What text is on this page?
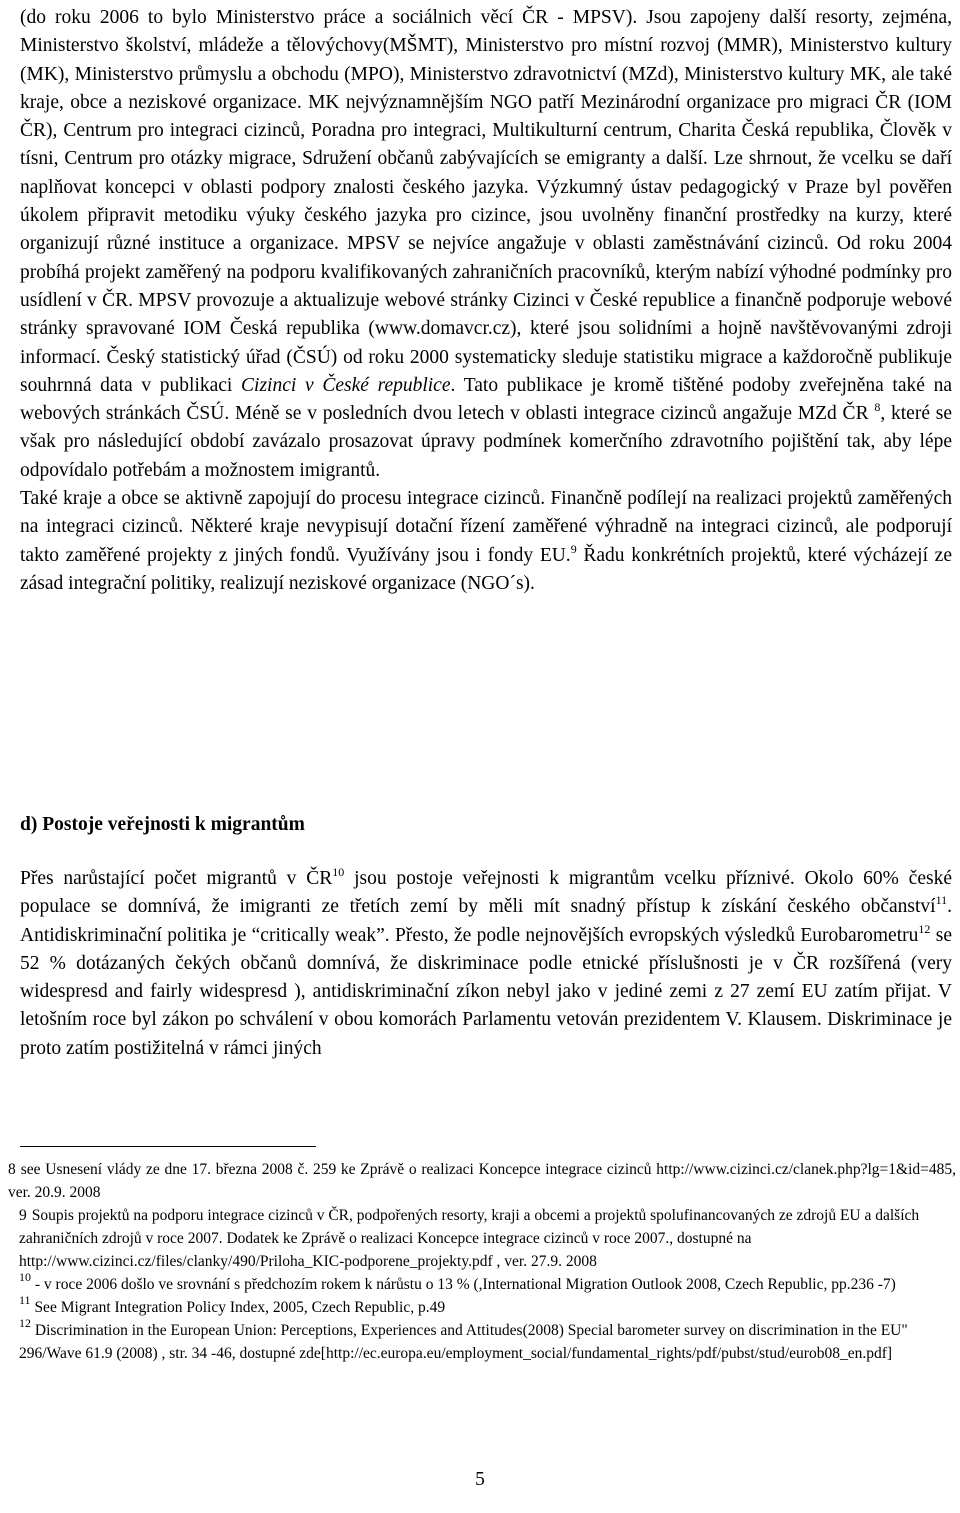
(do roku 2006 to bylo Ministerstvo práce a sociálnich věcí ČR - MPSV). Jsou zapojeny další resorty, zejména, Ministerstvo školství, mládeže a tělovýchovy(MŠMT), Ministerstvo pro místní rozvoj (MMR), Ministerstvo kultury (MK), Ministerstvo průmyslu a obchodu (MPO), Ministerstvo zdravotnictví (MZd), Ministerstvo kultury MK, ale také kraje, obce a neziskové organizace. MK nejvýznamnějším NGO patří Mezinárodní organizace pro migraci ČR (IOM ČR), Centrum pro integraci cizinců, Poradna pro integraci, Multikulturní centrum, Charita Česká republika, Člověk v tísni, Centrum pro otázky migrace, Sdružení občanů zabývajících se emigranty a další. Lze shrnout, že vcelku se daří naplňovat koncepci v oblasti podpory znalosti českého jazyka. Výzkumný ústav pedagogický v Praze byl pověřen úkolem připravit metodiku výuky českého jazyka pro cizince, jsou uvolněny finanční prostředky na kurzy, které organizují různé instituce a organizace. MPSV se nejvíce angažuje v oblasti zaměstnávání cizinců. Od roku 2004 probíhá projekt zaměřený na podporu kvalifikovaných zahraničních pracovníků, kterým nabízí výhodné podmínky pro usídlení v ČR. MPSV provozuje a aktualizuje webové stránky Cizinci v České republice a finančně podporuje webové stránky spravované IOM Česká republika (www.domavcr.cz), které jsou solidními a hojně navštěvovanými zdroji informací. Český statistický úřad (ČSÚ) od roku 2000 systematicky sleduje statistiku migrace a každoročně publikuje souhrnná data v publikaci Cizinci v České republice. Tato publikace je kromě tištěné podoby zveřejněna také na webových stránkách ČSÚ. Méně se v posledních dvou letech v oblasti integrace cizinců angažuje MZd ČR $^8$, které se však pro následující období zavázalo prosazovat úpravy podmínek komerčního zdravotního pojištění tak, aby lépe odpovídalo potřebám a možnostem imigrantů.

Také kraje a obce se aktivně zapojují do procesu integrace cizinců. Finančně podílejí na realizaci projektů zaměřených na integraci cizinců. Některé kraje nevypisují dotační řízení zaměřené výhradně na integraci cizinců, ale podporují takto zaměřené projekty z jiných fondů. Využívány jsou i fondy EU.$^9$ Řadu konkrétních projektů, které výcházejí ze zásad integrační politiky, realizují neziskové organizace (NGO´s).

d) Postoje veřejnosti k migrantům

Přes narůstající počet migrantů v ČR$^{10}$ jsou postoje veřejnosti k migrantům vcelku příznivé. Okolo 60% české populace se domnívá, že imigranti ze třetích zemí by měli mít snadný přístup k získání českého občanství$^{11}$. Antidiskriminační politika je “critically weak”. Přesto, že podle nejnovějších evropských výsledků Eurobarometru$^{12}$ se 52 % dotázaných čekých občanů domnívá, že diskriminace podle etnické příslušnosti je v ČR rozšířená (very widespresd and fairly widespresd ), antidiskriminační zíkon nebyl jako v jediné zemi z 27 zemí EU zatím přijat. V letošním roce byl zákon po schválení v obou komorách Parlamentu vetován prezidentem V. Klausem. Diskriminace je proto zatím postižitelná v rámci jiných

8 see Usnesení vlády ze dne 17. března 2008 č. 259 ke Zprávě o realizaci Koncepce integrace cizinců http://www.cizinci.cz/clanek.php?lg=1&id=485, ver. 20.9. 2008

9 Soupis projektů na podporu integrace cizinců v ČR, podpořených resorty, kraji a obcemi a projektů spolufinancovaných ze zdrojů EU a dalších zahraničních zdrojů v roce 2007. Dodatek ke Zprávě o realizaci Koncepce integrace cizinců v roce 2007., dostupné na http://www.cizinci.cz/files/clanky/490/Priloha_KIC-podporene_projekty.pdf , ver. 27.9. 2008

$^{10}$ - v roce 2006 došlo ve srovnání s předchozím rokem k nárůstu o 13 % (,International Migration Outlook 2008, Czech Republic, pp.236 -7)

$^{11}$ See Migrant Integration Policy Index, 2005, Czech Republic, p.49

$^{12}$ Discrimination in the European Union: Perceptions, Experiences and Attitudes(2008) Special barometer survey on discrimination in the EU" 296/Wave 61.9 (2008) , str. 34 -46, dostupné zde[http://ec.europa.eu/employment_social/fundamental_rights/pdf/pubst/stud/eurob08_en.pdf]

5
